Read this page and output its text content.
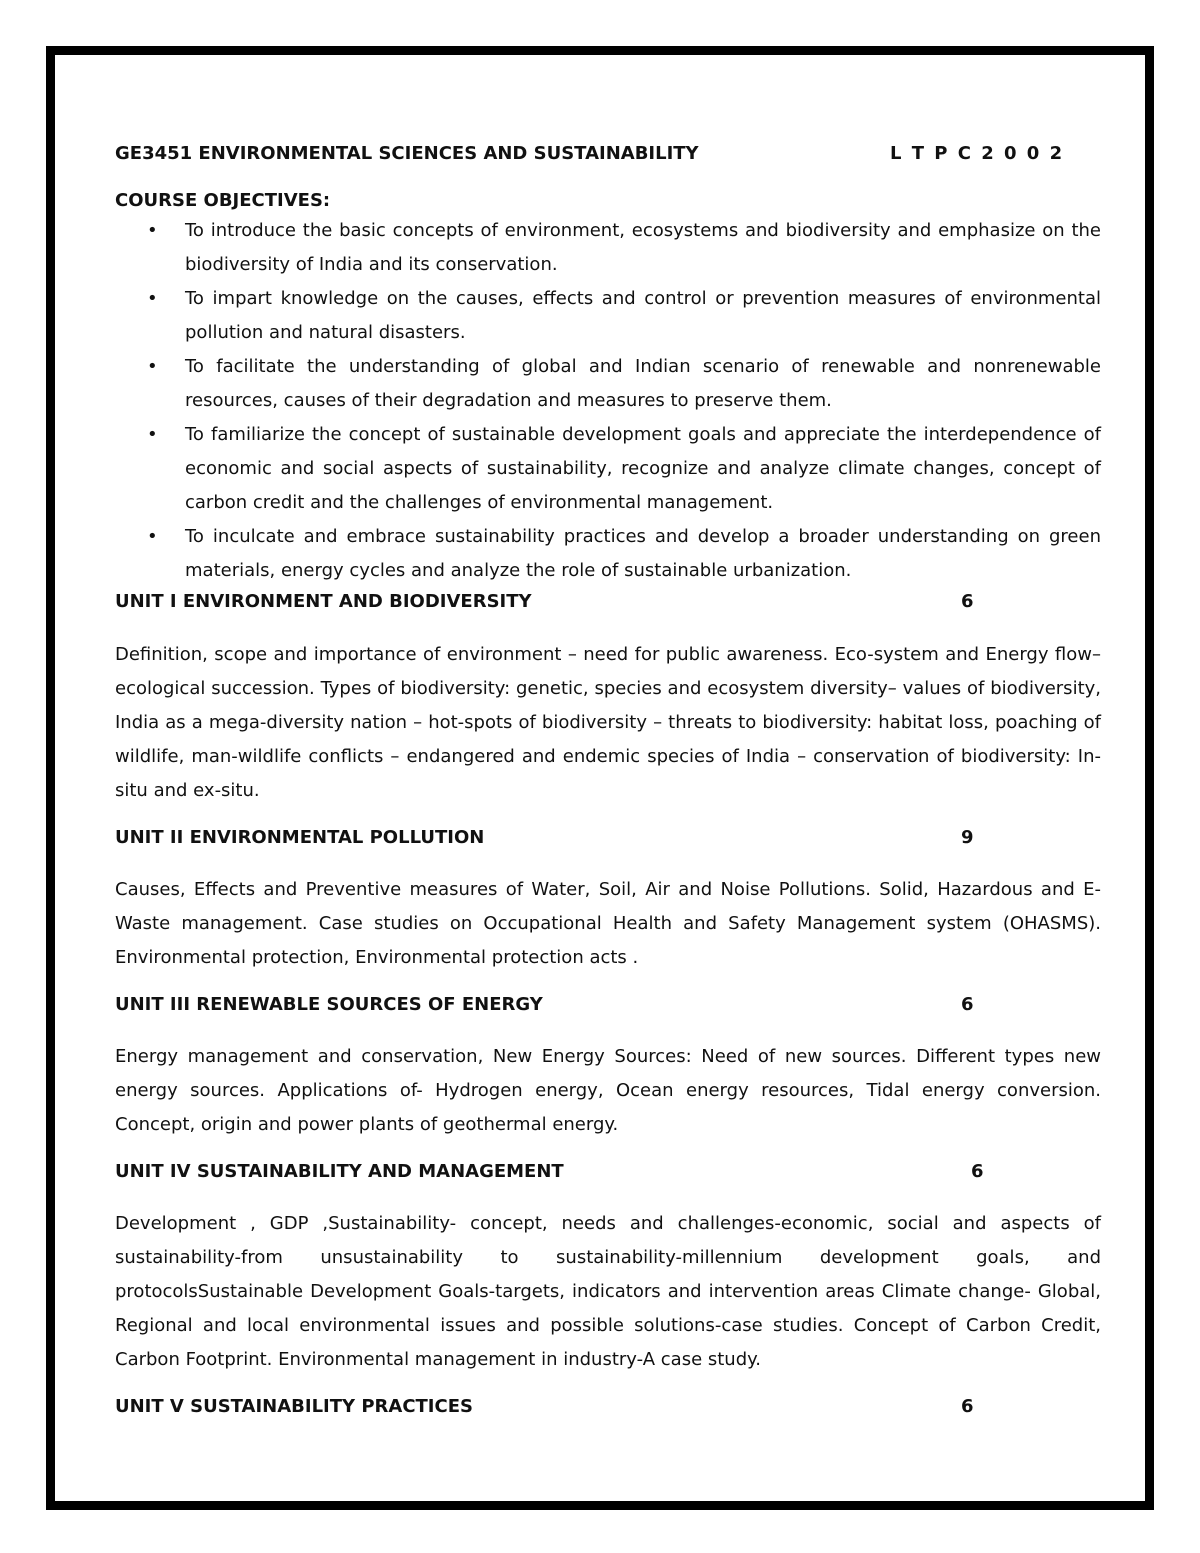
GE3451 ENVIRONMENTAL SCIENCES AND SUSTAINABILITY	L T P C 2 0 0 2
COURSE OBJECTIVES:
• To introduce the basic concepts of environment, ecosystems and biodiversity and emphasize on the biodiversity of India and its conservation.
• To impart knowledge on the causes, effects and control or prevention measures of environmental pollution and natural disasters.
• To facilitate the understanding of global and Indian scenario of renewable and nonrenewable resources, causes of their degradation and measures to preserve them.
• To familiarize the concept of sustainable development goals and appreciate the interdependence of economic and social aspects of sustainability, recognize and analyze climate changes, concept of carbon credit and the challenges of environmental management.
• To inculcate and embrace sustainability practices and develop a broader understanding on green materials, energy cycles and analyze the role of sustainable urbanization.
UNIT I ENVIRONMENT AND BIODIVERSITY	6

Definition, scope and importance of environment – need for public awareness. Eco-system and Energy flow– ecological succession. Types of biodiversity: genetic, species and ecosystem diversity– values of biodiversity, India as a mega-diversity nation – hot-spots of biodiversity – threats to biodiversity: habitat loss, poaching of wildlife, man-wildlife conflicts – endangered and endemic species of India – conservation of biodiversity: In-situ and ex-situ.

UNIT II ENVIRONMENTAL POLLUTION	9

Causes, Effects and Preventive measures of Water, Soil, Air and Noise Pollutions. Solid, Hazardous and E-Waste management. Case studies on Occupational Health and Safety Management system (OHASMS). Environmental protection, Environmental protection acts .

UNIT III RENEWABLE SOURCES OF ENERGY	6

Energy management and conservation, New Energy Sources: Need of new sources. Different types new energy sources. Applications of- Hydrogen energy, Ocean energy resources, Tidal energy conversion. Concept, origin and power plants of geothermal energy.

UNIT IV SUSTAINABILITY AND MANAGEMENT	6

Development , GDP ,Sustainability- concept, needs and challenges-economic, social and aspects of sustainability-from unsustainability to sustainability-millennium development goals, and protocolsSustainable Development Goals-targets, indicators and intervention areas Climate change- Global, Regional and local environmental issues and possible solutions-case studies. Concept of Carbon Credit, Carbon Footprint. Environmental management in industry-A case study.

UNIT V SUSTAINABILITY PRACTICES	6
